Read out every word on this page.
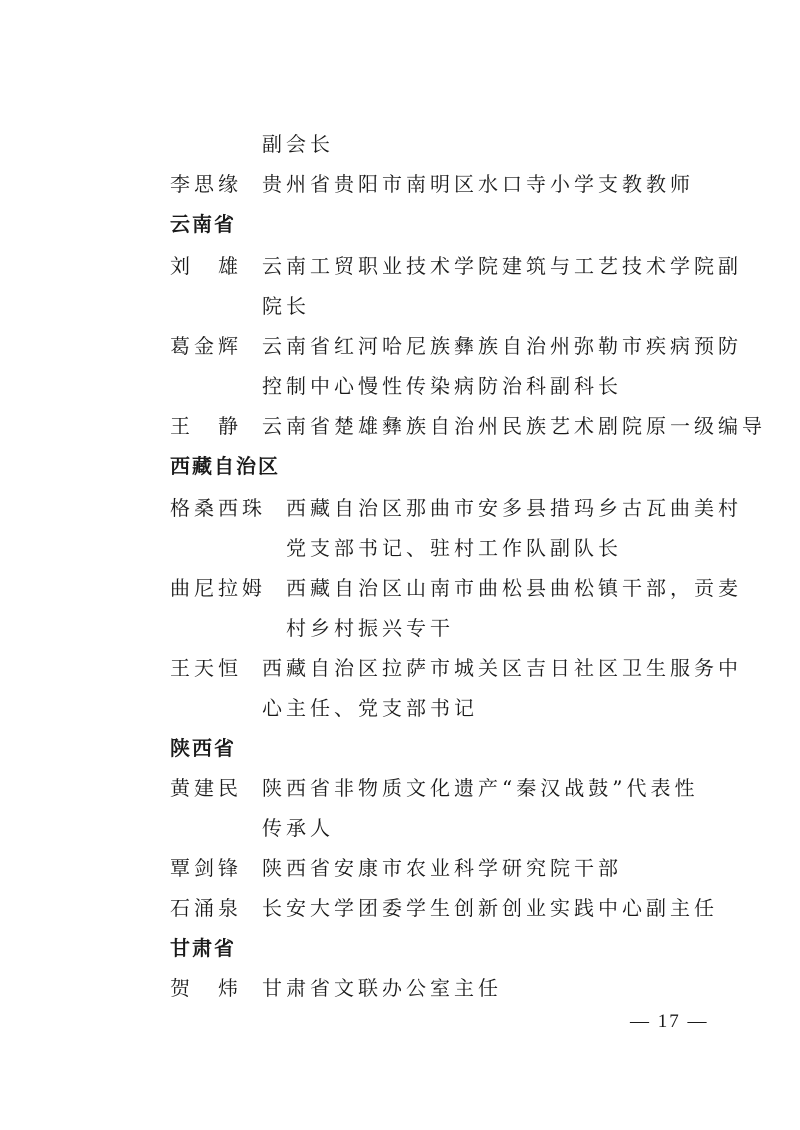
副会长
李思缘 贵州省贵阳市南明区水口寺小学支教教师
云南省
刘　雄 云南工贸职业技术学院建筑与工艺技术学院副
院长
葛金辉 云南省红河哈尼族彝族自治州弥勒市疾病预防
控制中心慢性传染病防治科副科长
王　静 云南省楚雄彝族自治州民族艺术剧院原一级编导
西藏自治区
格桑西珠 西藏自治区那曲市安多县措玛乡古瓦曲美村
党支部书记、驻村工作队副队长
曲尼拉姆 西藏自治区山南市曲松县曲松镇干部，贡麦
村乡村振兴专干
王天恒 西藏自治区拉萨市城关区吉日社区卫生服务中
心主任、党支部书记
陕西省
黄建民 陕西省非物质文化遗产“秦汉战鼓”代表性
传承人
覃剑锋 陕西省安康市农业科学研究院干部
石涌泉 长安大学团委学生创新创业实践中心副主任
甘肃省
贺　炜 甘肃省文联办公室主任
— 17 —
